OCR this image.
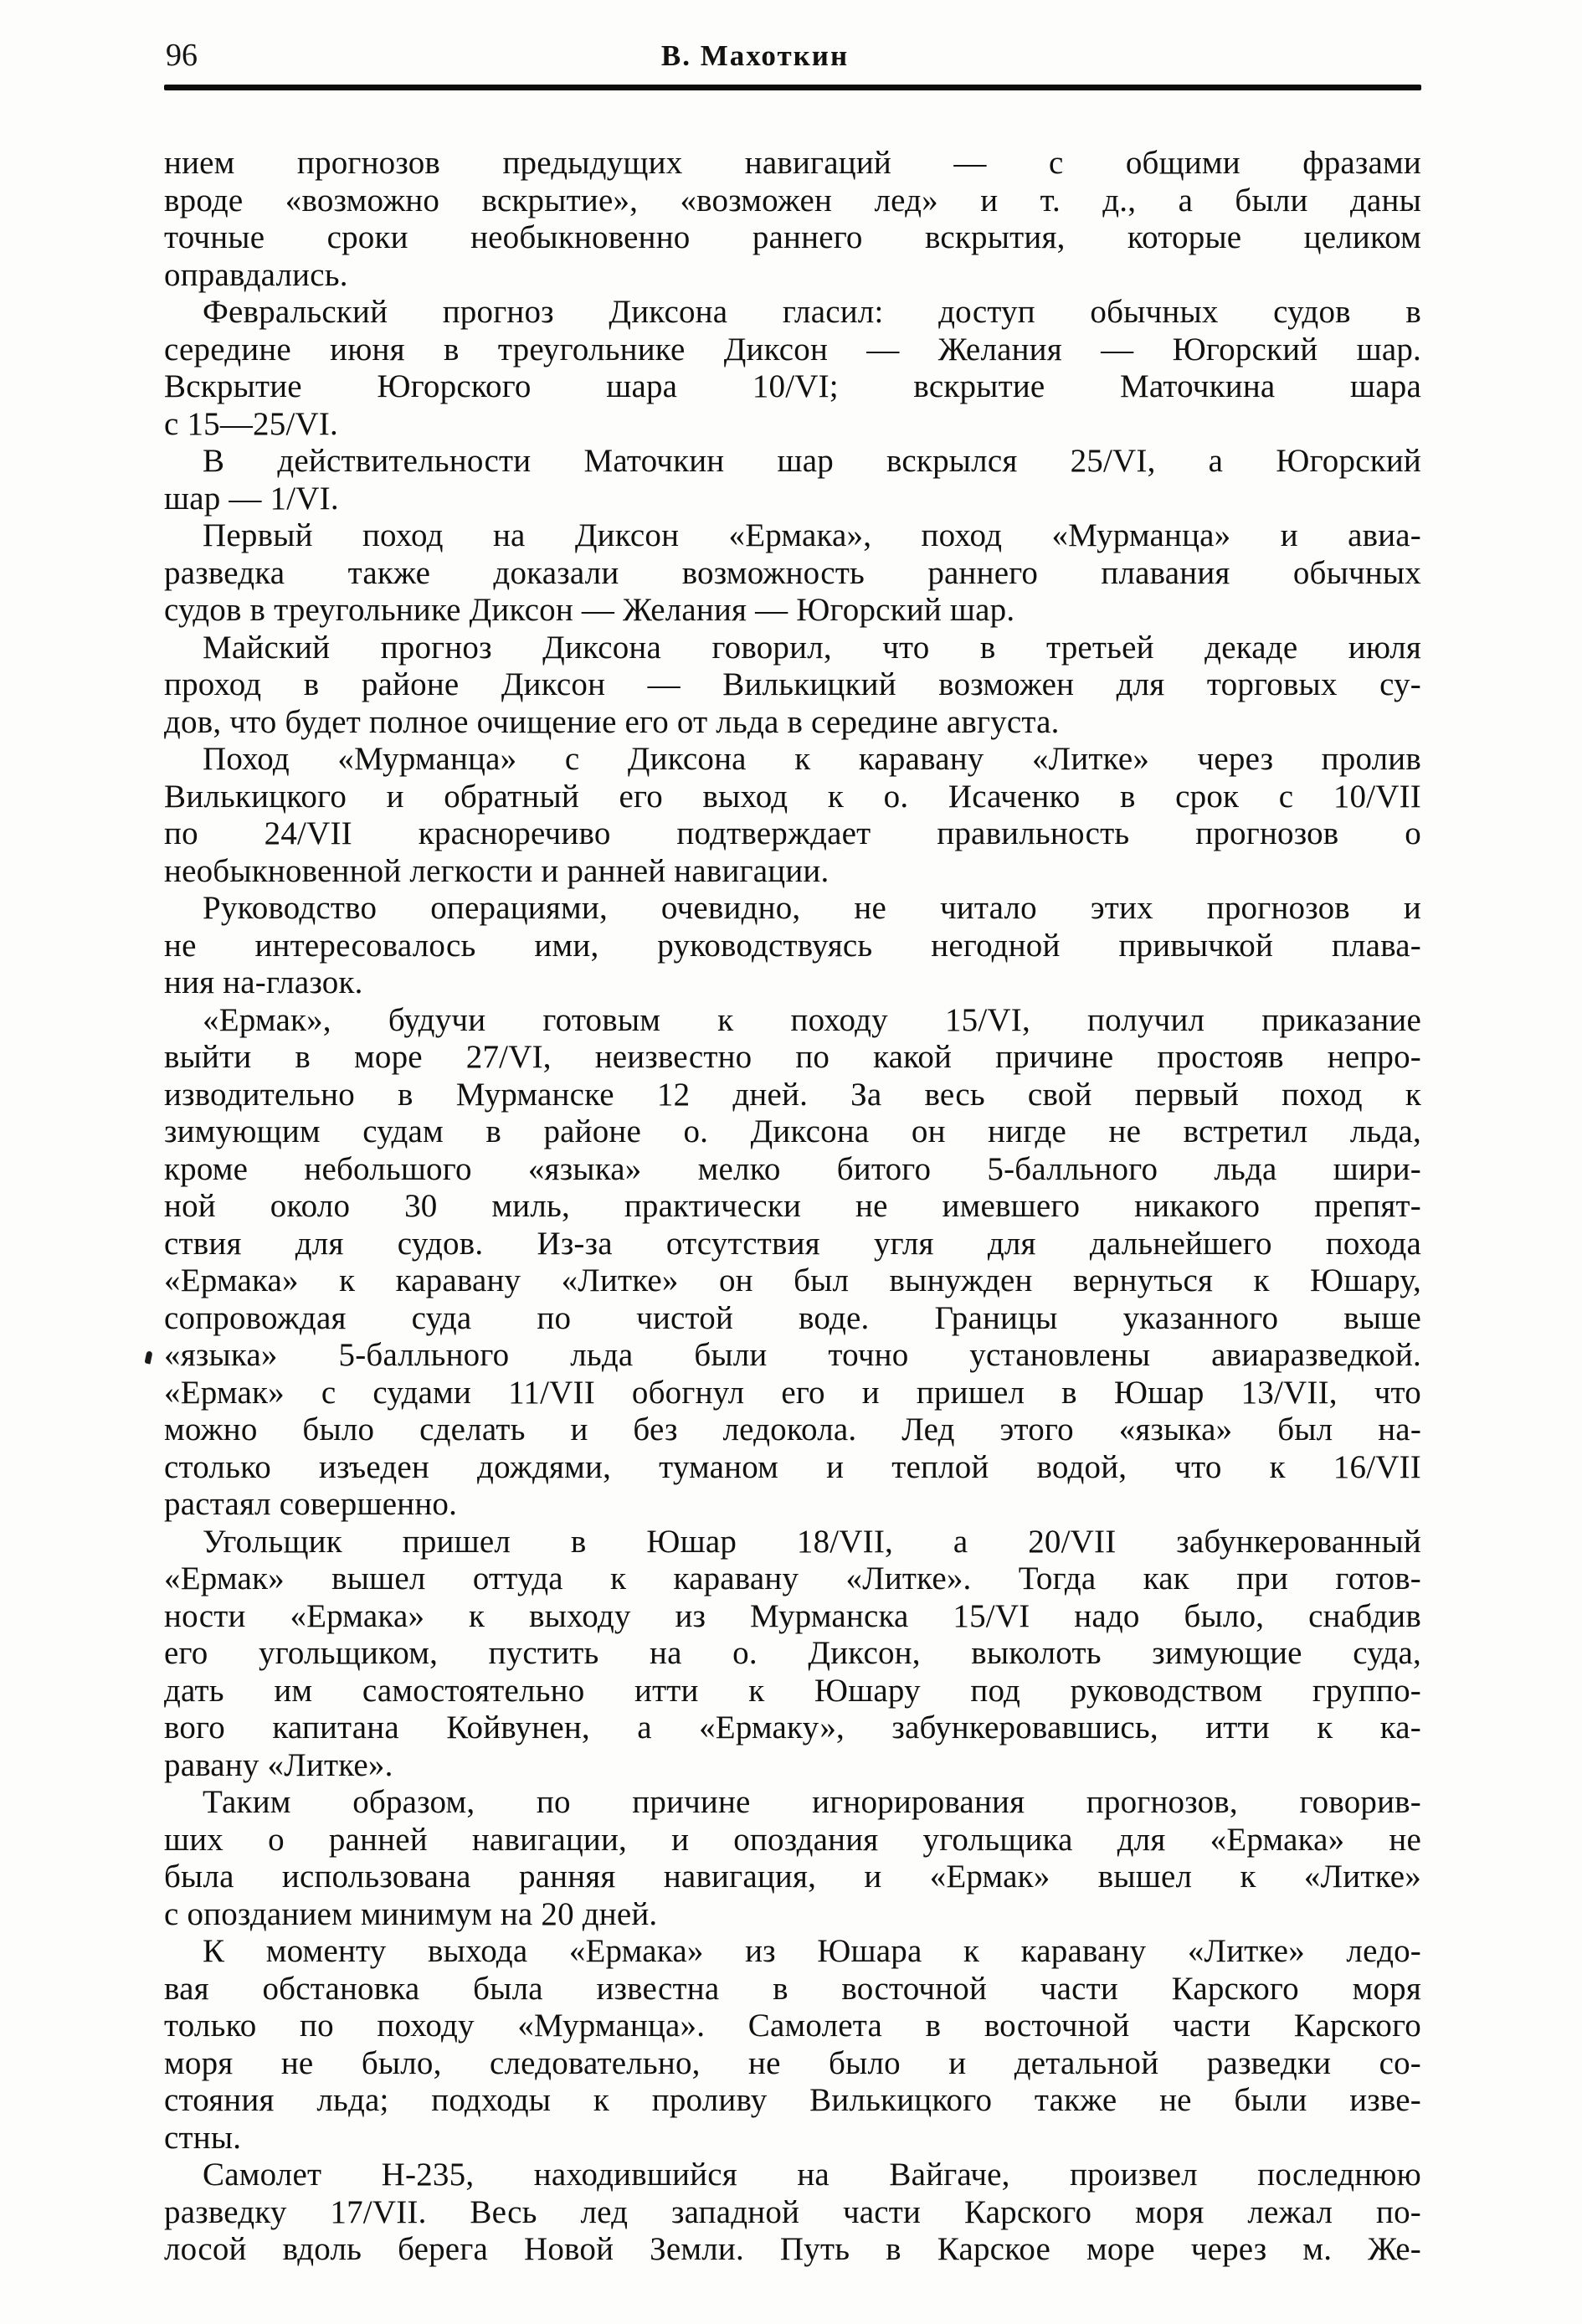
96	В. Махоткин
нием прогнозов предыдущих навигаций — с общими фразами
вроде «возможно вскрытие», «возможен лед» и т. д., а были даны
точные сроки необыкновенно раннего вскрытия, которые целиком
оправдались.
Февральский прогноз Диксона гласил: доступ обычных судов в
середине июня в треугольнике Диксон — Желания — Югорский шар.
Вскрытие Югорского шара 10/VI; вскрытие Маточкина шара
с 15—25/VI.
В действительности Маточкин шар вскрылся 25/VI, а Югорский
шар — 1/VI.
Первый поход на Диксон «Ермака», поход «Мурманца» и авиа-
разведка также доказали возможность раннего плавания обычных
судов в треугольнике Диксон — Желания — Югорский шар.
Майский прогноз Диксона говорил, что в третьей декаде июля
проход в районе Диксон — Вилькицкий возможен для торговых су-
дов, что будет полное очищение его от льда в середине августа.
Поход «Мурманца» с Диксона к каравану «Литке» через пролив
Вилькицкого и обратный его выход к о. Исаченко в срок с 10/VII
по 24/VII красноречиво подтверждает правильность прогнозов о
необыкновенной легкости и ранней навигации.
Руководство операциями, очевидно, не читало этих прогнозов и
не интересовалось ими, руководствуясь негодной привычкой плава-
ния на-глазок.
«Ермак», будучи готовым к походу 15/VI, получил приказание
выйти в море 27/VI, неизвестно по какой причине простояв непро-
изводительно в Мурманске 12 дней. За весь свой первый поход к
зимующим судам в районе о. Диксона он нигде не встретил льда,
кроме небольшого «языка» мелко битого 5-балльного льда шири-
ной около 30 миль, практически не имевшего никакого препят-
ствия для судов. Из-за отсутствия угля для дальнейшего похода
«Ермака» к каравану «Литке» он был вынужден вернуться к Юшару,
сопровождая суда по чистой воде. Границы указанного выше
«языка» 5-балльного льда были точно установлены авиаразведкой.
«Ермак» с судами 11/VII обогнул его и пришел в Юшар 13/VII, что
можно было сделать и без ледокола. Лед этого «языка» был на-
столько изъеден дождями, туманом и теплой водой, что к 16/VII
растаял совершенно.
Угольщик пришел в Юшар 18/VII, а 20/VII забункерованный
«Ермак» вышел оттуда к каравану «Литке». Тогда как при готов-
ности «Ермака» к выходу из Мурманска 15/VI надо было, снабдив
его угольщиком, пустить на о. Диксон, выколоть зимующие суда,
дать им самостоятельно итти к Юшару под руководством группо-
вого капитана Койвунен, а «Ермаку», забункеровавшись, итти к ка-
равану «Литке».
Таким образом, по причине игнорирования прогнозов, говорив-
ших о ранней навигации, и опоздания угольщика для «Ермака» не
была использована ранняя навигация, и «Ермак» вышел к «Литке»
с опозданием минимум на 20 дней.
К моменту выхода «Ермака» из Юшара к каравану «Литке» ледо-
вая обстановка была известна в восточной части Карского моря
только по походу «Мурманца». Самолета в восточной части Карского
моря не было, следовательно, не было и детальной разведки со-
стояния льда; подходы к проливу Вилькицкого также не были изве-
стны.
Самолет Н-235, находившийся на Вайгаче, произвел последнюю
разведку 17/VII. Весь лед западной части Карского моря лежал по-
лосой вдоль берега Новой Земли. Путь в Карское море через м. Же-
